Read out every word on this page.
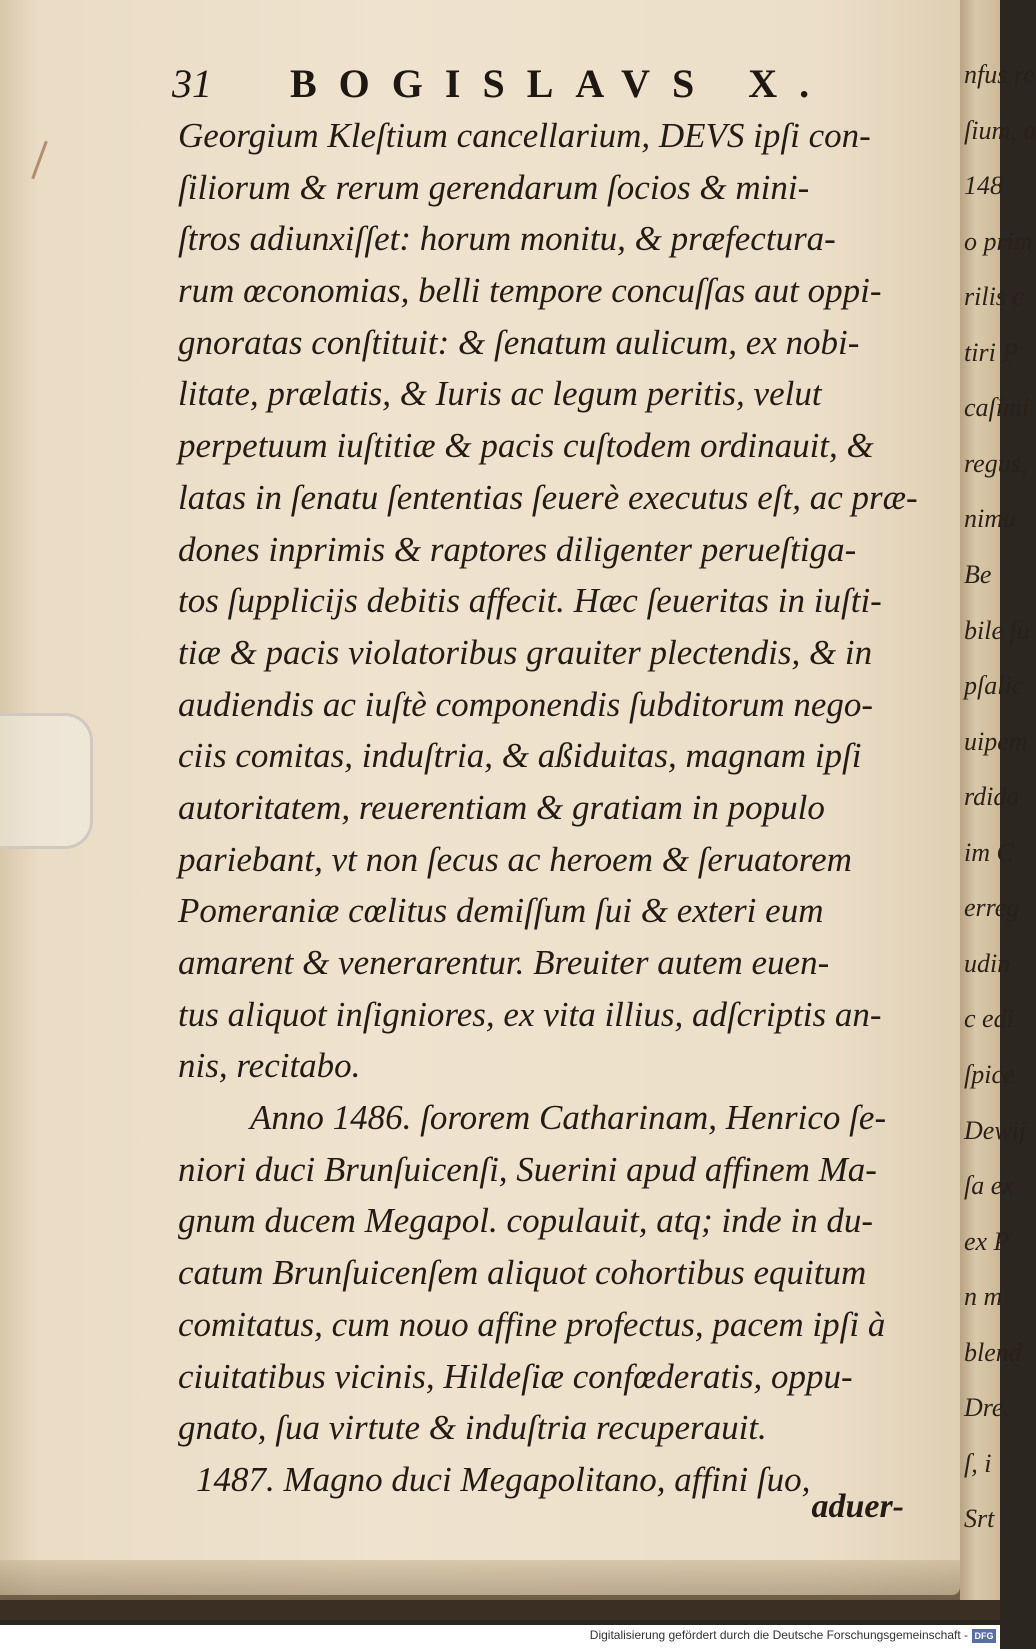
nfus re
ſium, a
148
o prim
rilis c
tiri P
caſimi
regus,
nimu
Be
bile ſu
pſalic
uipem
rdida
im C
erreg
udin
c edi
ſpice
Dewij
ſa ex
ex P
n m
blend
Dre.
ſ, i
Srt
31 BOGISLAVS X.
Georgium Kleſtium cancellarium, DEVS ipſi con-
ſiliorum & rerum gerendarum ſocios & mini-
ſtros adiunxiſſet: horum monitu, & præfectura-
rum œconomias, belli tempore concuſſas aut oppi-
gnoratas conſtituit: & ſenatum aulicum, ex nobi-
litate, prælatis, & Iuris ac legum peritis, velut
perpetuum iuſtitiæ & pacis cuſtodem ordinauit, &
latas in ſenatu ſententias ſeuerè executus eſt, ac præ-
dones inprimis & raptores diligenter perueſtiga-
tos ſupplicijs debitis affecit. Hæc ſeueritas in iuſti-
tiæ & pacis violatoribus grauiter plectendis, & in
audiendis ac iuſtè componendis ſubditorum nego-
ciis comitas, induſtria, & aßiduitas, magnam ipſi
autoritatem, reuerentiam & gratiam in populo
pariebant, vt non ſecus ac heroem & ſeruatorem
Pomeraniæ cœlitus demiſſum ſui & exteri eum
amarent & venerarentur. Breuiter autem euen-
tus aliquot inſigniores, ex vita illius, adſcriptis an-
nis, recitabo.
Anno 1486. ſororem Catharinam, Henrico ſe-
niori duci Brunſuicenſi, Suerini apud affinem Ma-
gnum ducem Megapol. copulauit, atq; inde in du-
catum Brunſuicenſem aliquot cohortibus equitum
comitatus, cum nouo affine profectus, pacem ipſi à
ciuitatibus vicinis, Hildeſiæ confœderatis, oppu-
gnato, ſua virtute & induſtria recuperauit.
1487. Magno duci Megapolitano, affini ſuo,
aduer-
Digitalisierung gefördert durch die Deutsche Forschungsgemeinschaft - DFG
